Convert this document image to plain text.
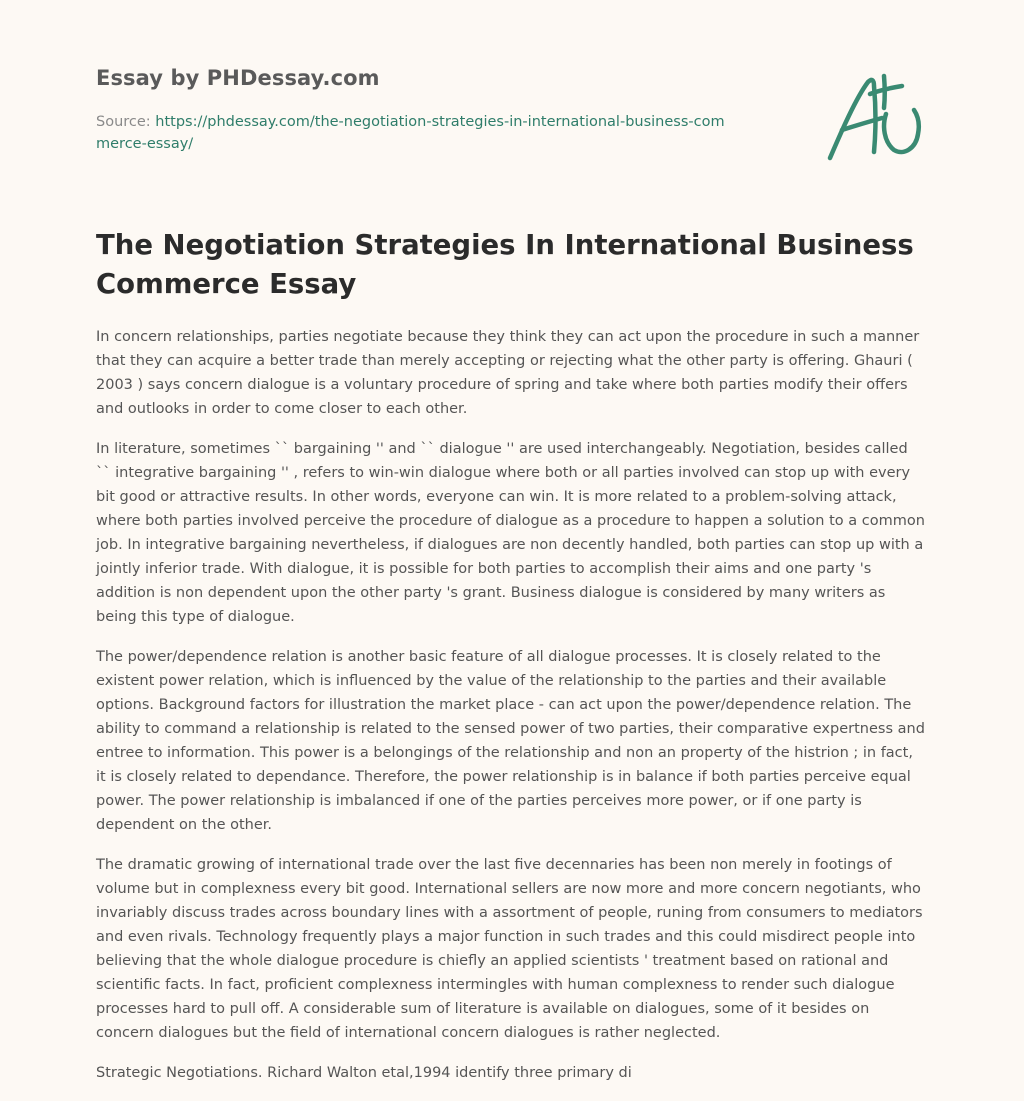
Essay by PHDessay.com
Source: https://phdessay.com/the-negotiation-strategies-in-international-business-commerce-essay/
The Negotiation Strategies In International Business Commerce Essay

In concern relationships, parties negotiate because they think they can act upon the procedure in such a manner that they can acquire a better trade than merely accepting or rejecting what the other party is offering. Ghauri ( 2003 ) says concern dialogue is a voluntary procedure of spring and take where both parties modify their offers and outlooks in order to come closer to each other.

In literature, sometimes `` bargaining '' and `` dialogue '' are used interchangeably. Negotiation, besides called `` integrative bargaining '' , refers to win-win dialogue where both or all parties involved can stop up with every bit good or attractive results. In other words, everyone can win. It is more related to a problem-solving attack, where both parties involved perceive the procedure of dialogue as a procedure to happen a solution to a common job. In integrative bargaining nevertheless, if dialogues are non decently handled, both parties can stop up with a jointly inferior trade. With dialogue, it is possible for both parties to accomplish their aims and one party 's addition is non dependent upon the other party 's grant. Business dialogue is considered by many writers as being this type of dialogue.

The power/dependence relation is another basic feature of all dialogue processes. It is closely related to the existent power relation, which is influenced by the value of the relationship to the parties and their available options. Background factors for illustration the market place - can act upon the power/dependence relation. The ability to command a relationship is related to the sensed power of two parties, their comparative expertness and entree to information. This power is a belongings of the relationship and non an property of the histrion ; in fact, it is closely related to dependance. Therefore, the power relationship is in balance if both parties perceive equal power. The power relationship is imbalanced if one of the parties perceives more power, or if one party is dependent on the other.

The dramatic growing of international trade over the last five decennaries has been non merely in footings of volume but in complexness every bit good. International sellers are now more and more concern negotiants, who invariably discuss trades across boundary lines with a assortment of people, runing from consumers to mediators and even rivals. Technology frequently plays a major function in such trades and this could misdirect people into believing that the whole dialogue procedure is chiefly an applied scientists ' treatment based on rational and scientific facts. In fact, proficient complexness intermingles with human complexness to render such dialogue processes hard to pull off. A considerable sum of literature is available on dialogues, some of it besides on concern dialogues but the field of international concern dialogues is rather neglected.

Strategic Negotiations. Richard Walton etal,1994 identify three primary di
